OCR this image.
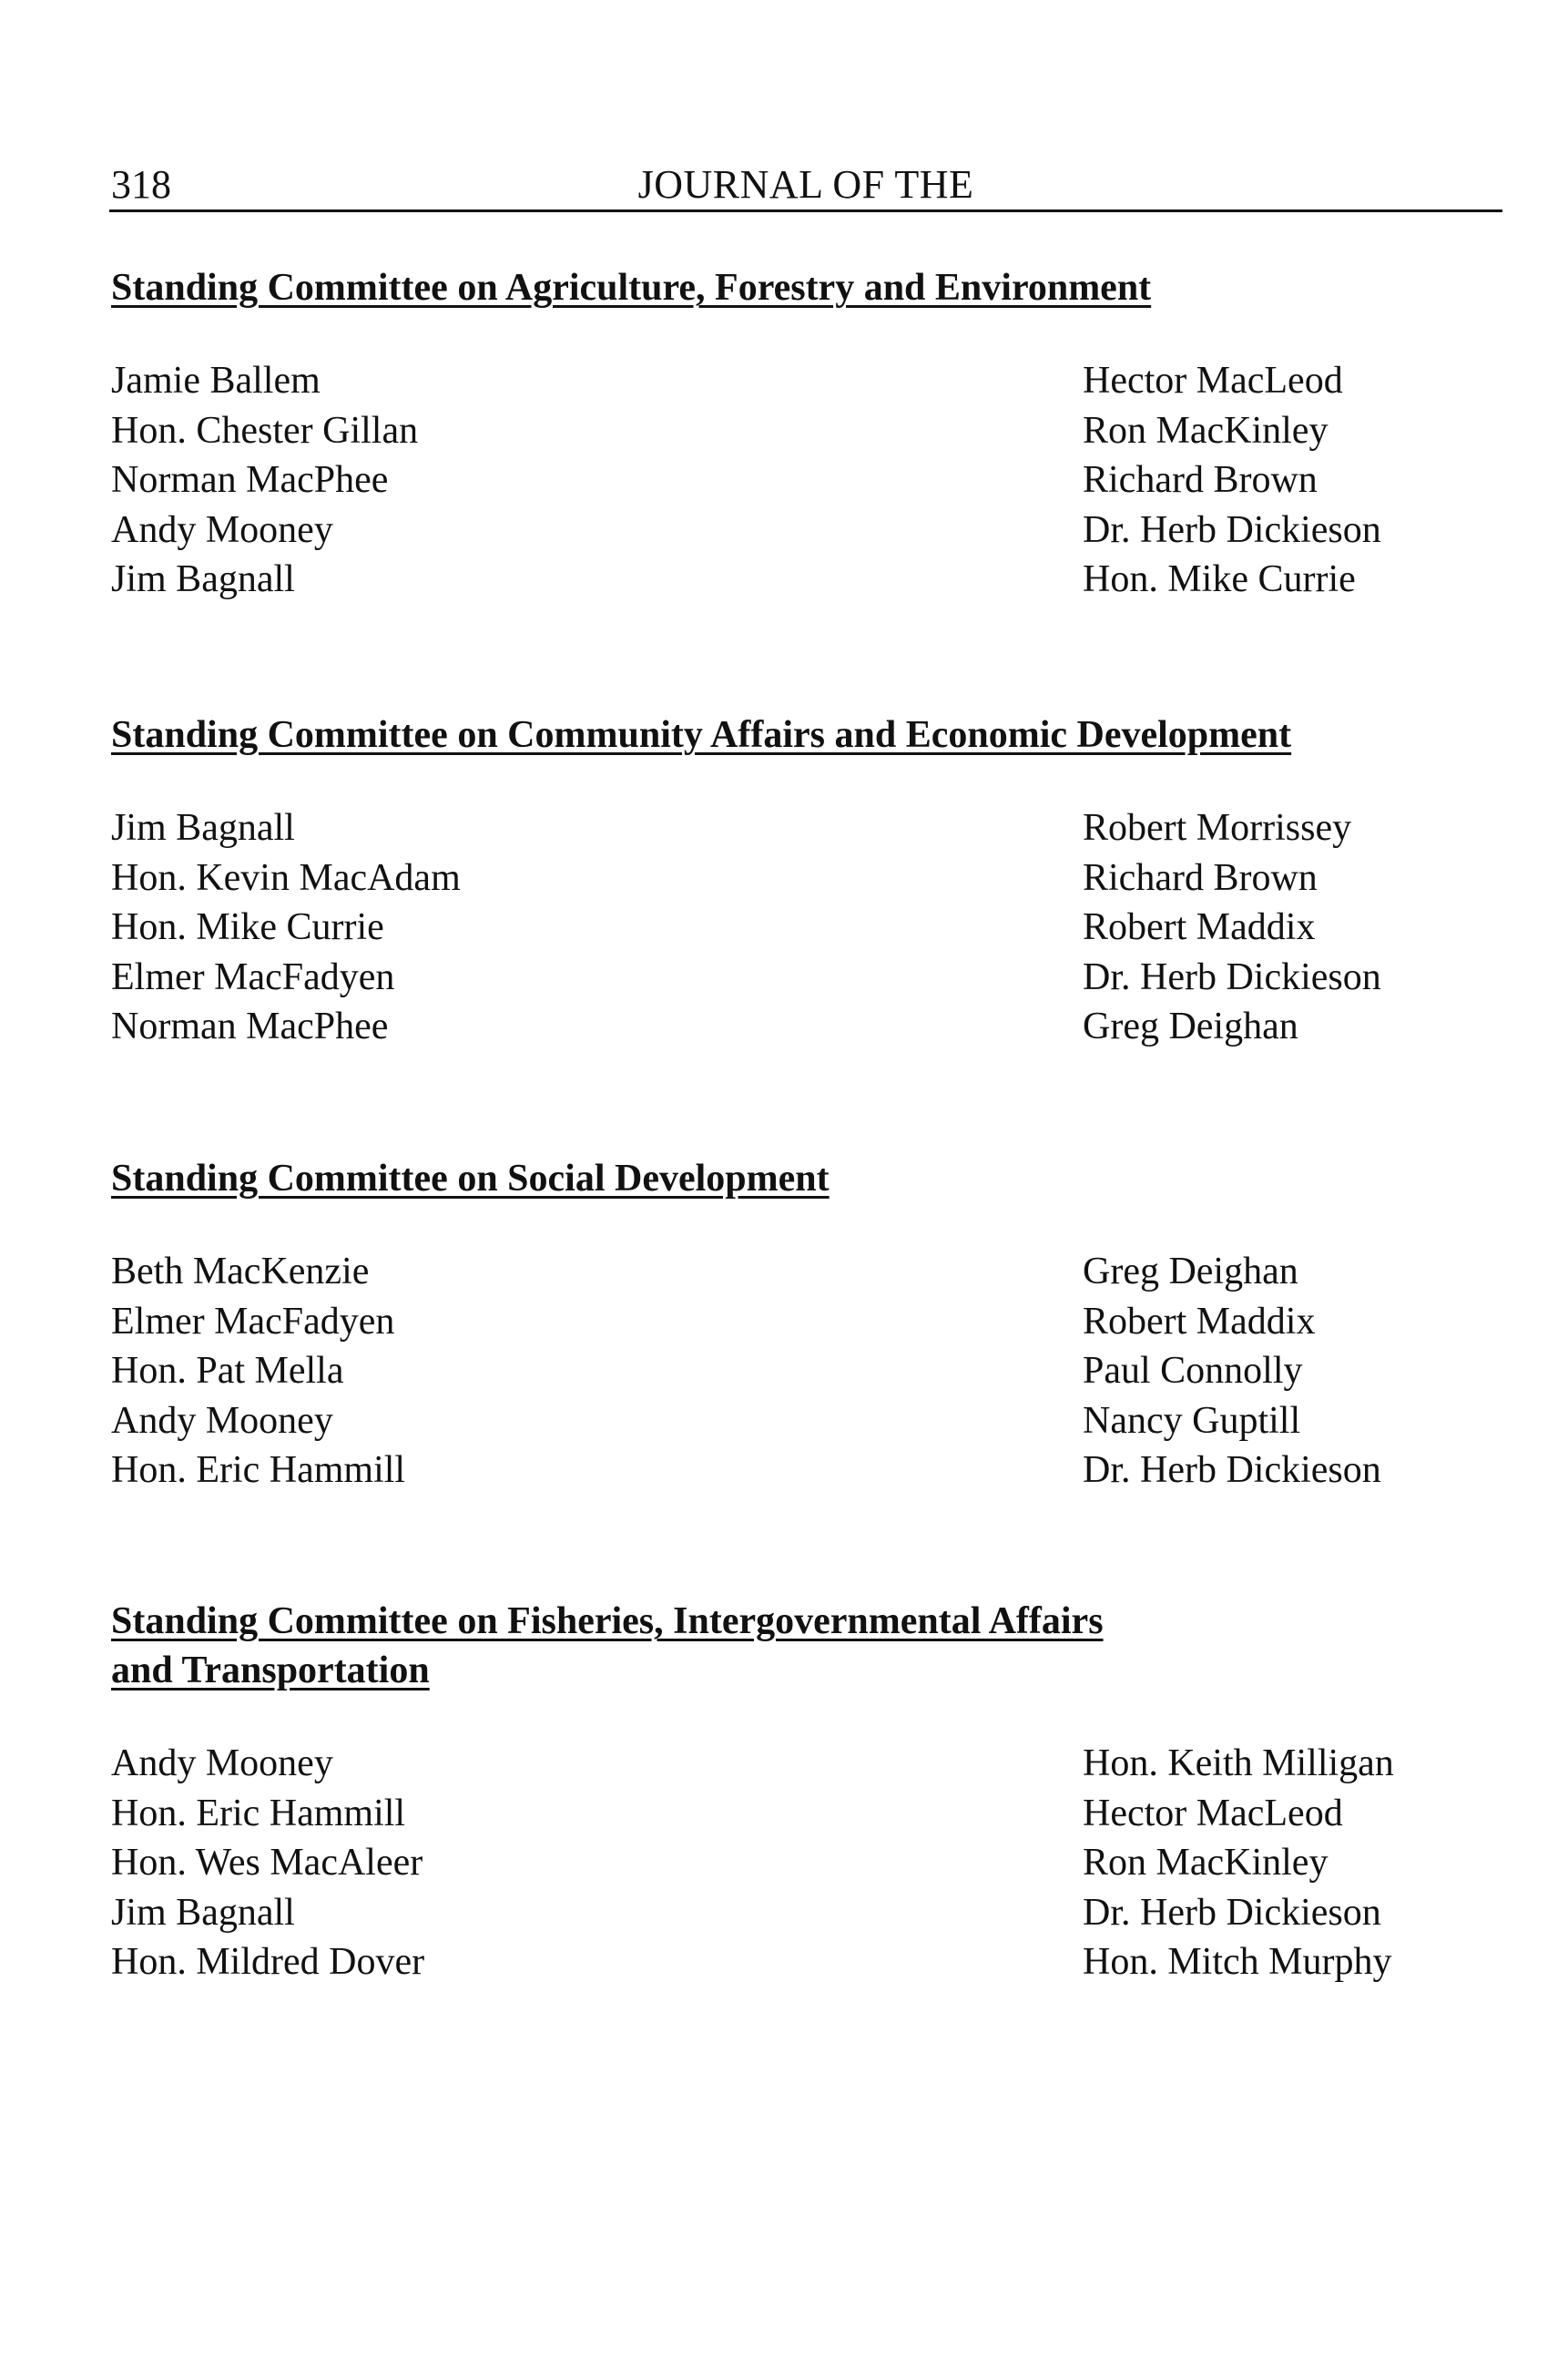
318	JOURNAL OF THE
Standing Committee on Agriculture, Forestry and Environment
Jamie Ballem
Hon. Chester Gillan
Norman MacPhee
Andy Mooney
Jim Bagnall
Hector MacLeod
Ron MacKinley
Richard Brown
Dr. Herb Dickieson
Hon. Mike Currie
Standing Committee on Community Affairs and Economic Development
Jim Bagnall
Hon. Kevin MacAdam
Hon. Mike Currie
Elmer MacFadyen
Norman MacPhee
Robert Morrissey
Richard Brown
Robert Maddix
Dr. Herb Dickieson
Greg Deighan
Standing Committee on Social Development
Beth MacKenzie
Elmer MacFadyen
Hon. Pat Mella
Andy Mooney
Hon. Eric Hammill
Greg Deighan
Robert Maddix
Paul Connolly
Nancy Guptill
Dr. Herb Dickieson
Standing Committee on Fisheries, Intergovernmental Affairs
and Transportation
Andy Mooney
Hon. Eric Hammill
Hon. Wes MacAleer
Jim Bagnall
Hon. Mildred Dover
Hon. Keith Milligan
Hector MacLeod
Ron MacKinley
Dr. Herb Dickieson
Hon. Mitch Murphy
